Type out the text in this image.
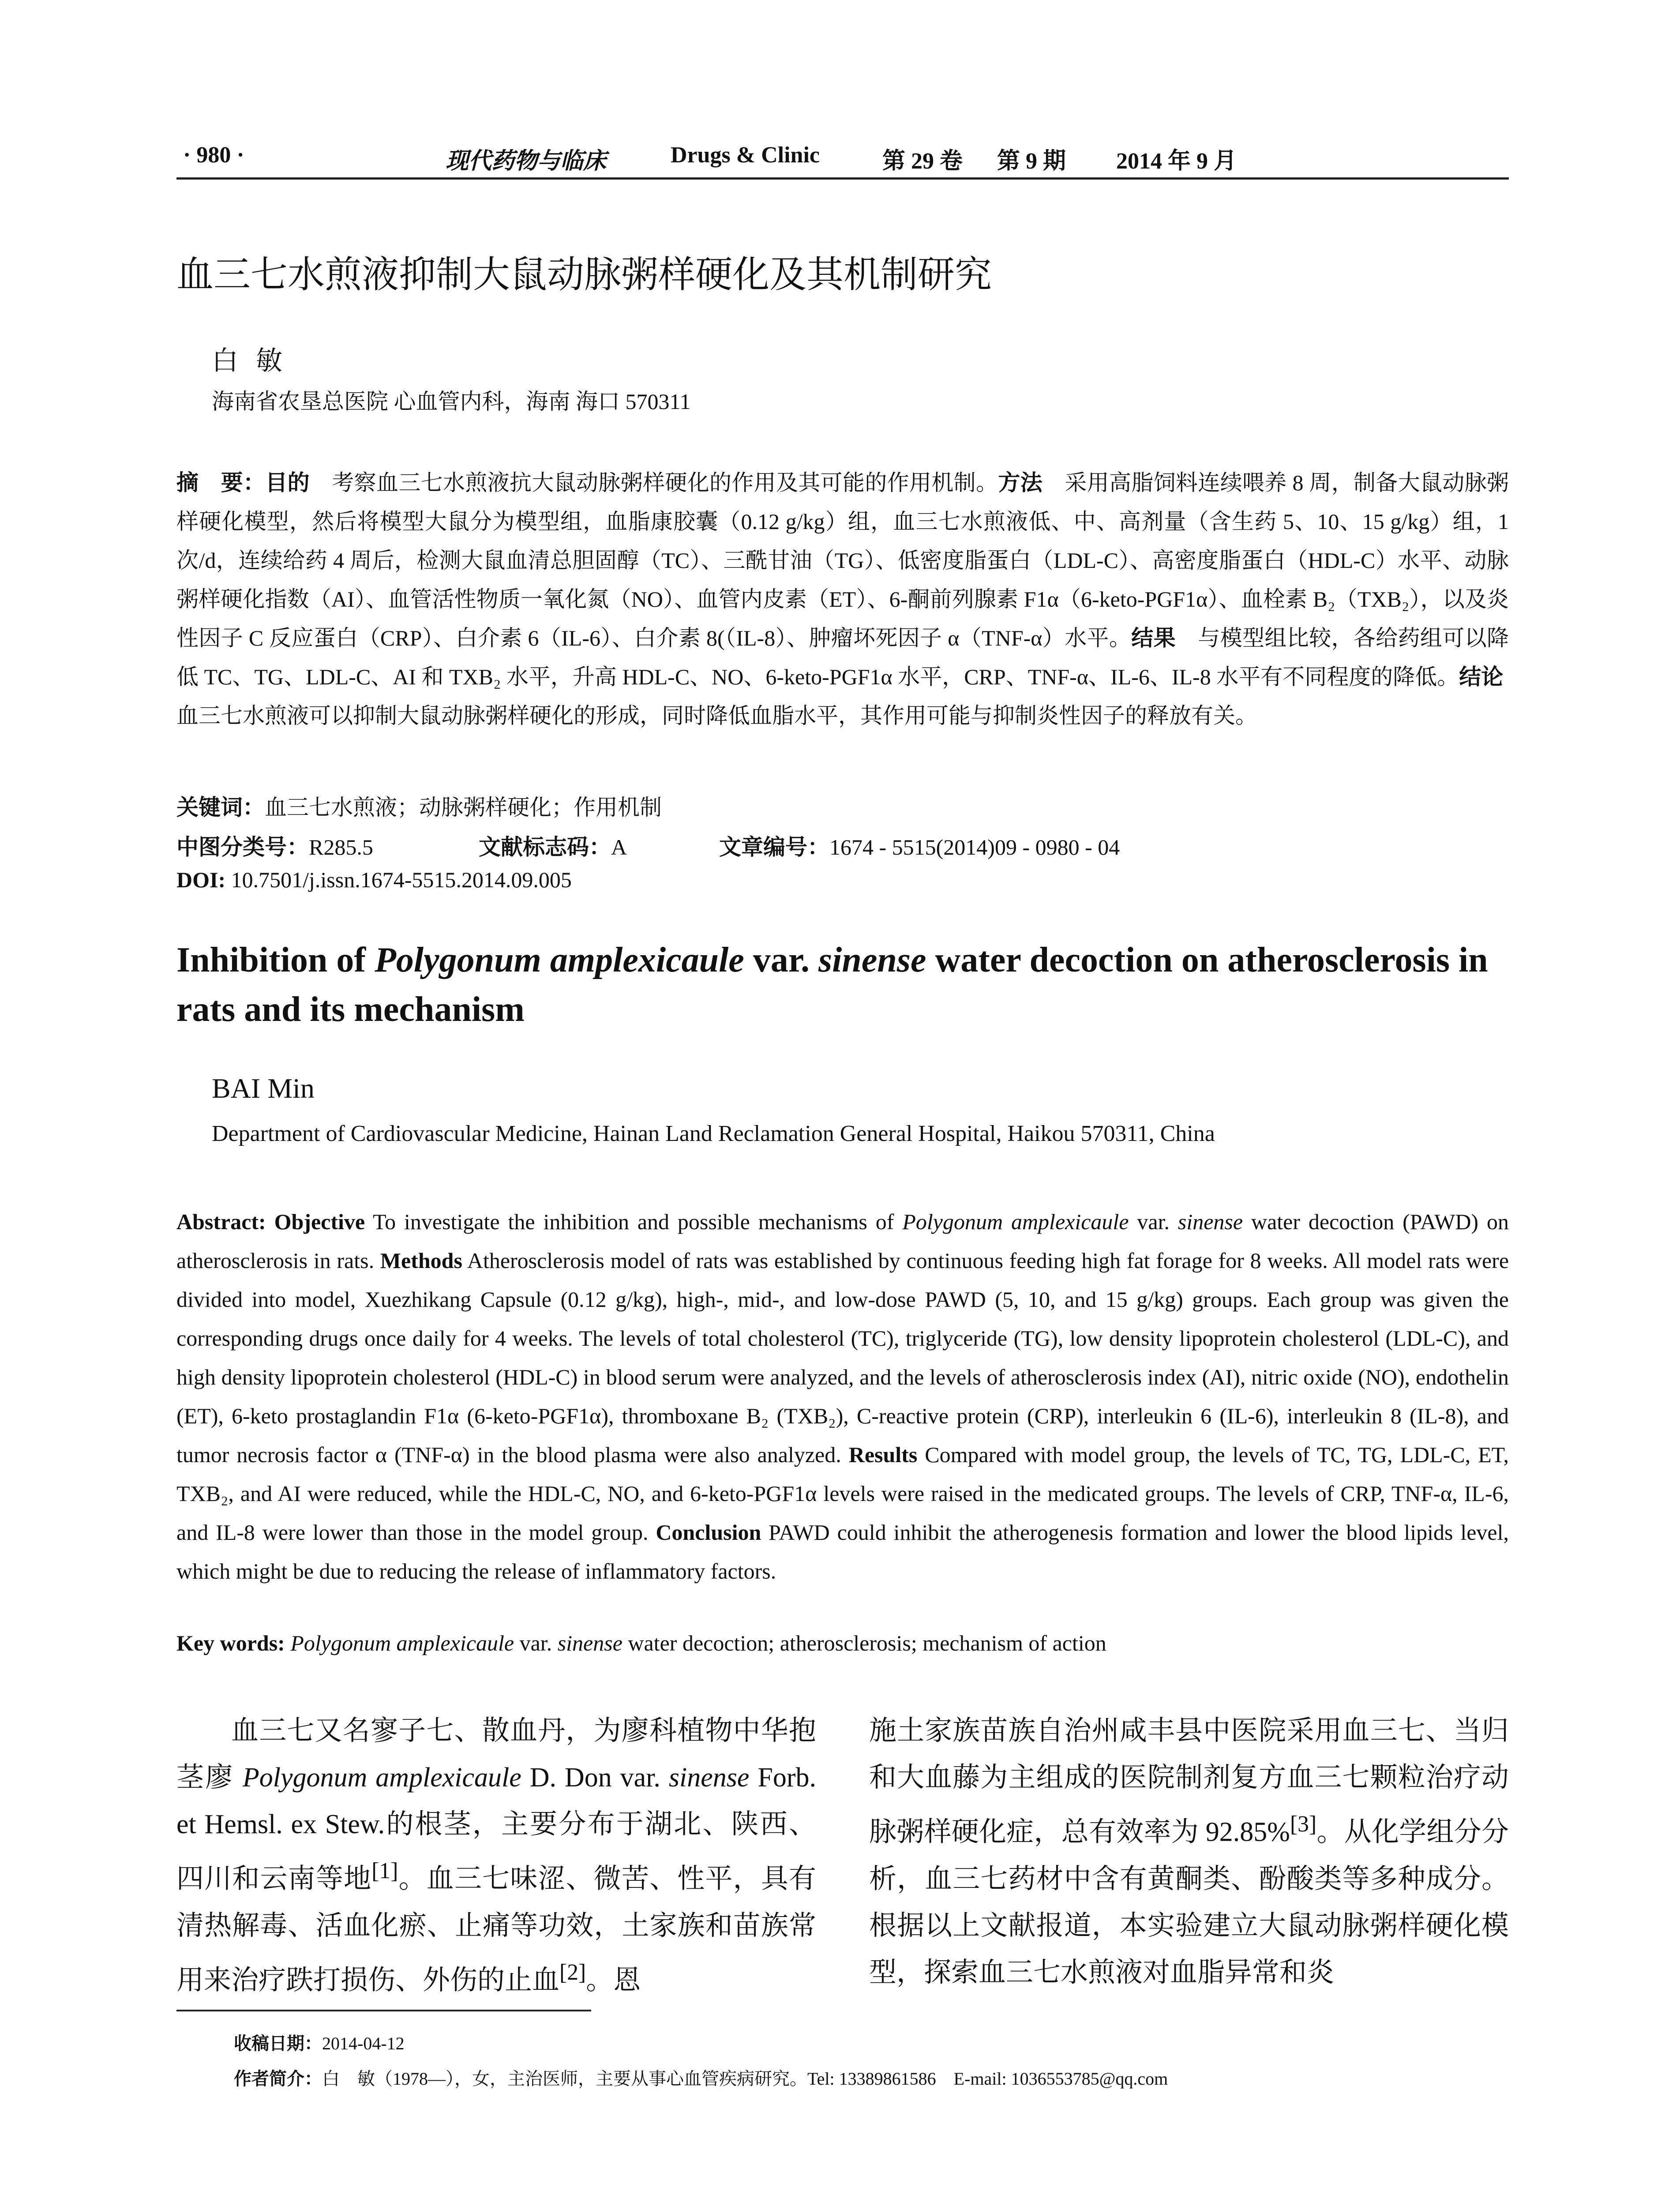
· 980 ·	现代药物与临床	Drugs & Clinic	第 29 卷 第 9 期 2014 年 9 月
血三七水煎液抑制大鼠动脉粥样硬化及其机制研究
白敏
海南省农垦总医院 心血管内科，海南 海口 570311
摘　要：目的　考察血三七水煎液抗大鼠动脉粥样硬化的作用及其可能的作用机制。方法　采用高脂饲料连续喂养 8 周，制备大鼠动脉粥样硬化模型，然后将模型大鼠分为模型组，血脂康胶囊（0.12 g/kg）组，血三七水煎液低、中、高剂量（含生药 5、10、15 g/kg）组，1 次/d，连续给药 4 周后，检测大鼠血清总胆固醇（TC）、三酰甘油（TG）、低密度脂蛋白（LDL-C）、高密度脂蛋白（HDL-C）水平、动脉粥样硬化指数（AI）、血管活性物质一氧化氮（NO）、血管内皮素（ET）、6-酮前列腺素 F1α（6-keto-PGF1α）、血栓素 B₂（TXB₂），以及炎性因子 C 反应蛋白（CRP）、白介素 6（IL-6）、白介素 8(（IL-8）、肿瘤坏死因子 α（TNF-α）水平。结果　与模型组比较，各给药组可以降低 TC、TG、LDL-C、AI 和 TXB₂ 水平，升高 HDL-C、NO、6-keto-PGF1α 水平，CRP、TNF-α、IL-6、IL-8 水平有不同程度的降低。结论　血三七水煎液可以抑制大鼠动脉粥样硬化的形成，同时降低血脂水平，其作用可能与抑制炎性因子的释放有关。
关键词：血三七水煎液；动脉粥样硬化；作用机制
中图分类号：R285.5	文献标志码：A	文章编号：1674 - 5515(2014)09 - 0980 - 04
DOI: 10.7501/j.issn.1674-5515.2014.09.005
Inhibition of Polygonum amplexicaule var. sinense water decoction on atherosclerosis in rats and its mechanism
BAI Min
Department of Cardiovascular Medicine, Hainan Land Reclamation General Hospital, Haikou 570311, China
Abstract: Objective To investigate the inhibition and possible mechanisms of Polygonum amplexicaule var. sinense water decoction (PAWD) on atherosclerosis in rats. Methods Atherosclerosis model of rats was established by continuous feeding high fat forage for 8 weeks. All model rats were divided into model, Xuezhikang Capsule (0.12 g/kg), high-, mid-, and low-dose PAWD (5, 10, and 15 g/kg) groups. Each group was given the corresponding drugs once daily for 4 weeks. The levels of total cholesterol (TC), triglyceride (TG), low density lipoprotein cholesterol (LDL-C), and high density lipoprotein cholesterol (HDL-C) in blood serum were analyzed, and the levels of atherosclerosis index (AI), nitric oxide (NO), endothelin (ET), 6-keto prostaglandin F1α (6-keto-PGF1α), thromboxane B₂ (TXB₂), C-reactive protein (CRP), interleukin 6 (IL-6), interleukin 8 (IL-8), and tumor necrosis factor α (TNF-α) in the blood plasma were also analyzed. Results Compared with model group, the levels of TC, TG, LDL-C, ET, TXB₂, and AI were reduced, while the HDL-C, NO, and 6-keto-PGF1α levels were raised in the medicated groups. The levels of CRP, TNF-α, IL-6, and IL-8 were lower than those in the model group. Conclusion PAWD could inhibit the atherogenesis formation and lower the blood lipids level, which might be due to reducing the release of inflammatory factors.
Key words: Polygonum amplexicaule var. sinense water decoction; atherosclerosis; mechanism of action
血三七又名寥子七、散血丹，为廖科植物中华抱茎廖 Polygonum amplexicaule D. Don var. sinense Forb. et Hemsl. ex Stew.的根茎，主要分布于湖北、陕西、四川和云南等地[1]。血三七味涩、微苦、性平，具有清热解毒、活血化瘀、止痛等功效，土家族和苗族常用来治疗跌打损伤、外伤的止血[2]。恩
施土家族苗族自治州咸丰县中医院采用血三七、当归和大血藤为主组成的医院制剂复方血三七颗粒治疗动脉粥样硬化症，总有效率为 92.85%[3]。从化学组分分析，血三七药材中含有黄酮类、酚酸类等多种成分。根据以上文献报道，本实验建立大鼠动脉粥样硬化模型，探索血三七水煎液对血脂异常和炎
收稿日期：2014-04-12
作者简介：白　敏（1978—），女，主治医师，主要从事心血管疾病研究。Tel: 13389861586　E-mail: 1036553785@qq.com
